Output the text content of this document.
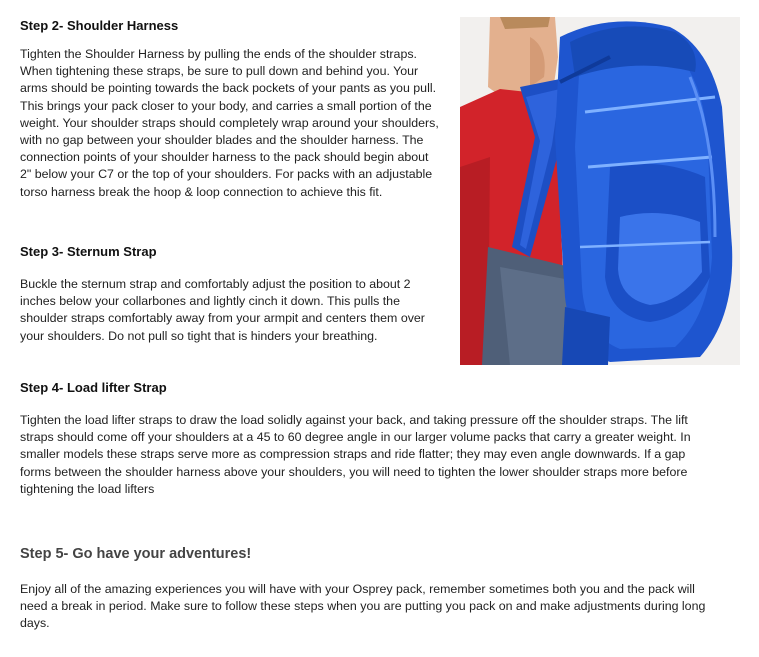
Step 2- Shoulder Harness

Tighten the Shoulder Harness by pulling the ends of the shoulder straps.
When tightening these straps, be sure to pull down and behind you. Your
arms should be pointing towards the back pockets of your pants as you pull.
This brings your pack closer to your body, and carries a small portion of the
weight. Your shoulder straps should completely wrap around your shoulders,
with no gap between your shoulder blades and the shoulder harness. The
connection points of your shoulder harness to the pack should begin about
2" below your C7 or the top of your shoulders. For packs with an adjustable
torso harness break the hoop & loop connection to achieve this fit.

Step 3- Sternum Strap

Buckle the sternum strap and comfortably adjust the position to about 2
inches below your collarbones and lightly cinch it down. This pulls the
shoulder straps comfortably away from your armpit and centers them over
your shoulders. Do not pull so tight that is hinders your breathing.

Step 4- Load lifter Strap

Tighten the load lifter straps to draw the load solidly against your back, and taking pressure off the shoulder straps. The lift
straps should come off your shoulders at a 45 to 60 degree angle in our larger volume packs that carry a greater weight. In
smaller models these straps serve more as compression straps and ride flatter; they may even angle downwards. If a gap
forms between the shoulder harness above your shoulders, you will need to tighten the lower shoulder straps more before
tightening the load lifters

Step 5- Go have your adventures!

Enjoy all of the amazing experiences you will have with your Osprey pack, remember sometimes both you and the pack will
need a break in period. Make sure to follow these steps when you are putting you pack on and make adjustments during long
days.
